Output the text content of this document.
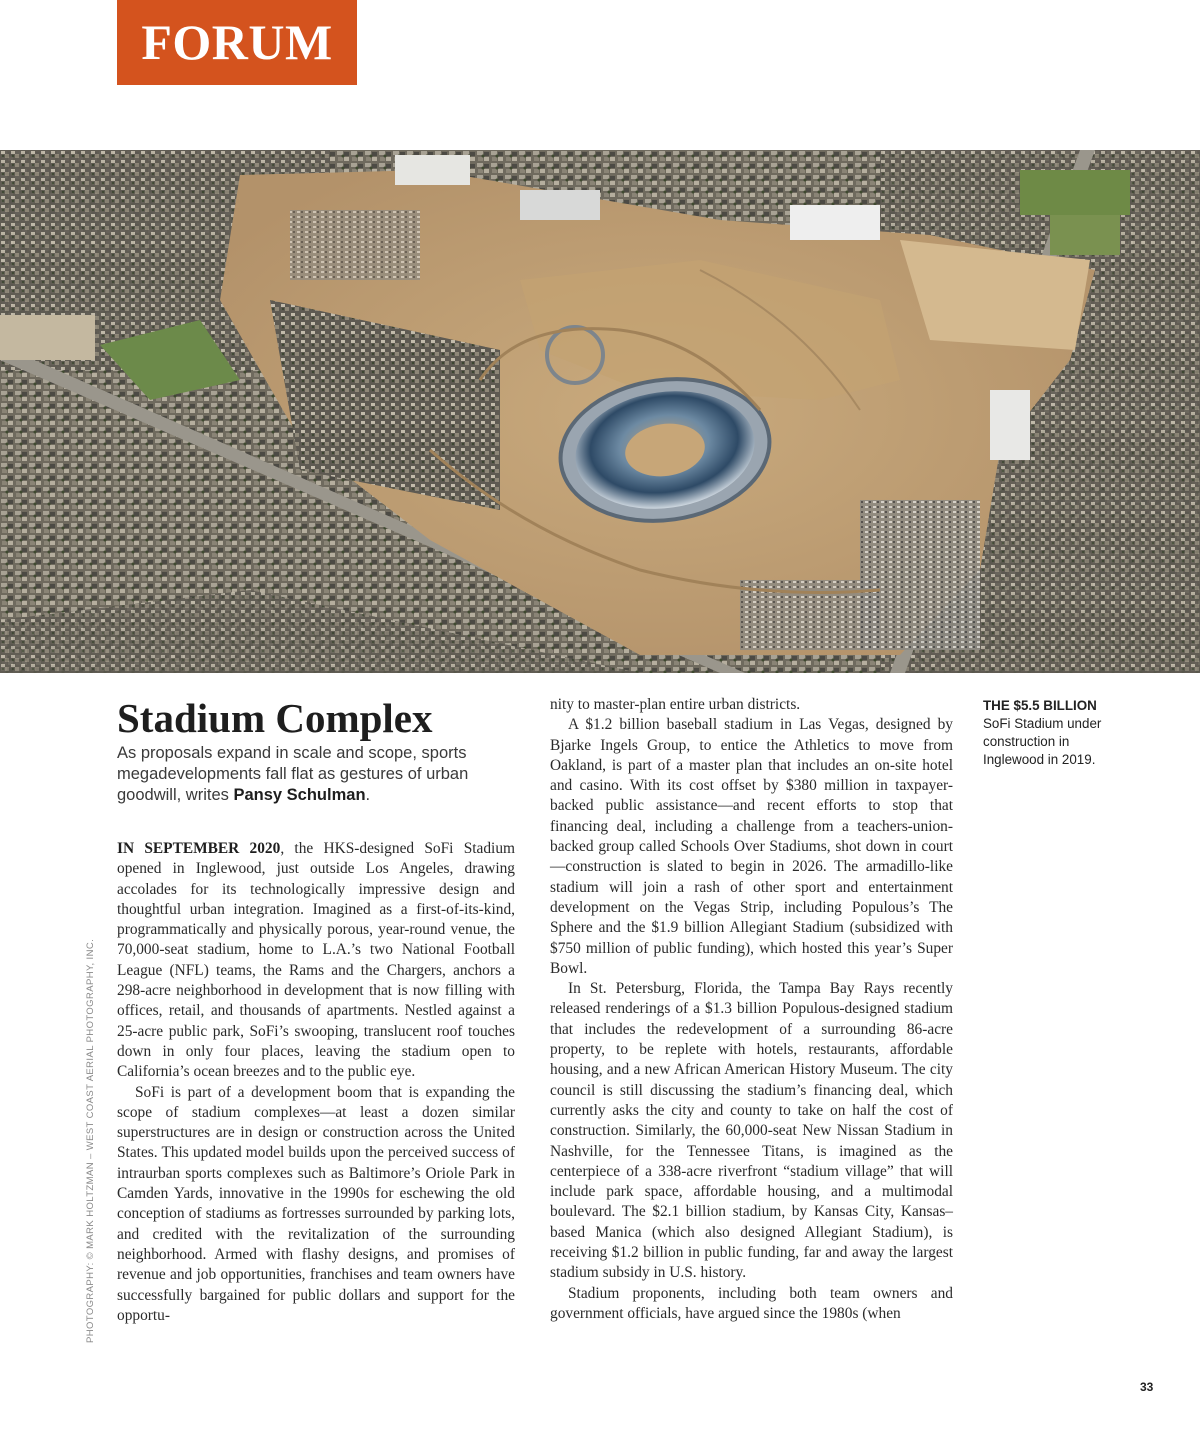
FORUM
Stadium Complex

As proposals expand in scale and scope, sports megadevelopments fall flat as gestures of urban goodwill, writes Pansy Schulman.

IN SEPTEMBER 2020, the HKS-designed SoFi Stadium opened in Inglewood, just outside Los Angeles, drawing accolades for its technologically impressive design and thoughtful urban integration. Imagined as a first-of-its-kind, programmatically and physically porous, year-round venue, the 70,000-seat stadium, home to L.A.’s two National Football League (NFL) teams, the Rams and the Chargers, anchors a 298-acre neighborhood in development that is now filling with offices, retail, and thousands of apartments. Nestled against a 25-acre public park, SoFi’s swooping, translucent roof touches down in only four places, leaving the stadium open to California’s ocean breezes and to the public eye.

SoFi is part of a development boom that is expanding the scope of stadium complexes—at least a dozen similar superstructures are in design or construction across the United States. This updated model builds upon the perceived success of intraurban sports complexes such as Baltimore’s Oriole Park in Camden Yards, innovative in the 1990s for eschewing the old conception of stadiums as fortresses surrounded by parking lots, and credited with the revitalization of the surrounding neighborhood. Armed with flashy designs, and promises of revenue and job opportunities, franchises and team owners have successfully bargained for public dollars and support for the opportu-

nity to master-plan entire urban districts.

A $1.2 billion baseball stadium in Las Vegas, designed by Bjarke Ingels Group, to entice the Athletics to move from Oakland, is part of a master plan that includes an on-site hotel and casino. With its cost offset by $380 million in taxpayer-backed public assistance—and recent efforts to stop that financing deal, including a challenge from a teachers-union-backed group called Schools Over Stadiums, shot down in court—construction is slated to begin in 2026. The armadillo-like stadium will join a rash of other sport and entertainment development on the Vegas Strip, including Populous’s The Sphere and the $1.9 billion Allegiant Stadium (subsidized with $750 million of public funding), which hosted this year’s Super Bowl.

In St. Petersburg, Florida, the Tampa Bay Rays recently released renderings of a $1.3 billion Populous-designed stadium that includes the redevelopment of a surrounding 86-acre property, to be replete with hotels, restaurants, affordable housing, and a new African American History Museum. The city council is still discussing the stadium’s financing deal, which currently asks the city and county to take on half the cost of construction. Similarly, the 60,000-seat New Nissan Stadium in Nashville, for the Tennessee Titans, is imagined as the centerpiece of a 338-acre riverfront “stadium village” that will include park space, affordable housing, and a multimodal boulevard. The $2.1 billion stadium, by Kansas City, Kansas–based Manica (which also designed Allegiant Stadium), is receiving $1.2 billion in public funding, far and away the largest stadium subsidy in U.S. history.

Stadium proponents, including both team owners and government officials, have argued since the 1980s (when

THE $5.5 BILLION
SoFi Stadium under construction in Inglewood in 2019.
PHOTOGRAPHY: © MARK HOLTZMAN – WEST COAST AERIAL PHOTOGRAPHY, INC.
33
